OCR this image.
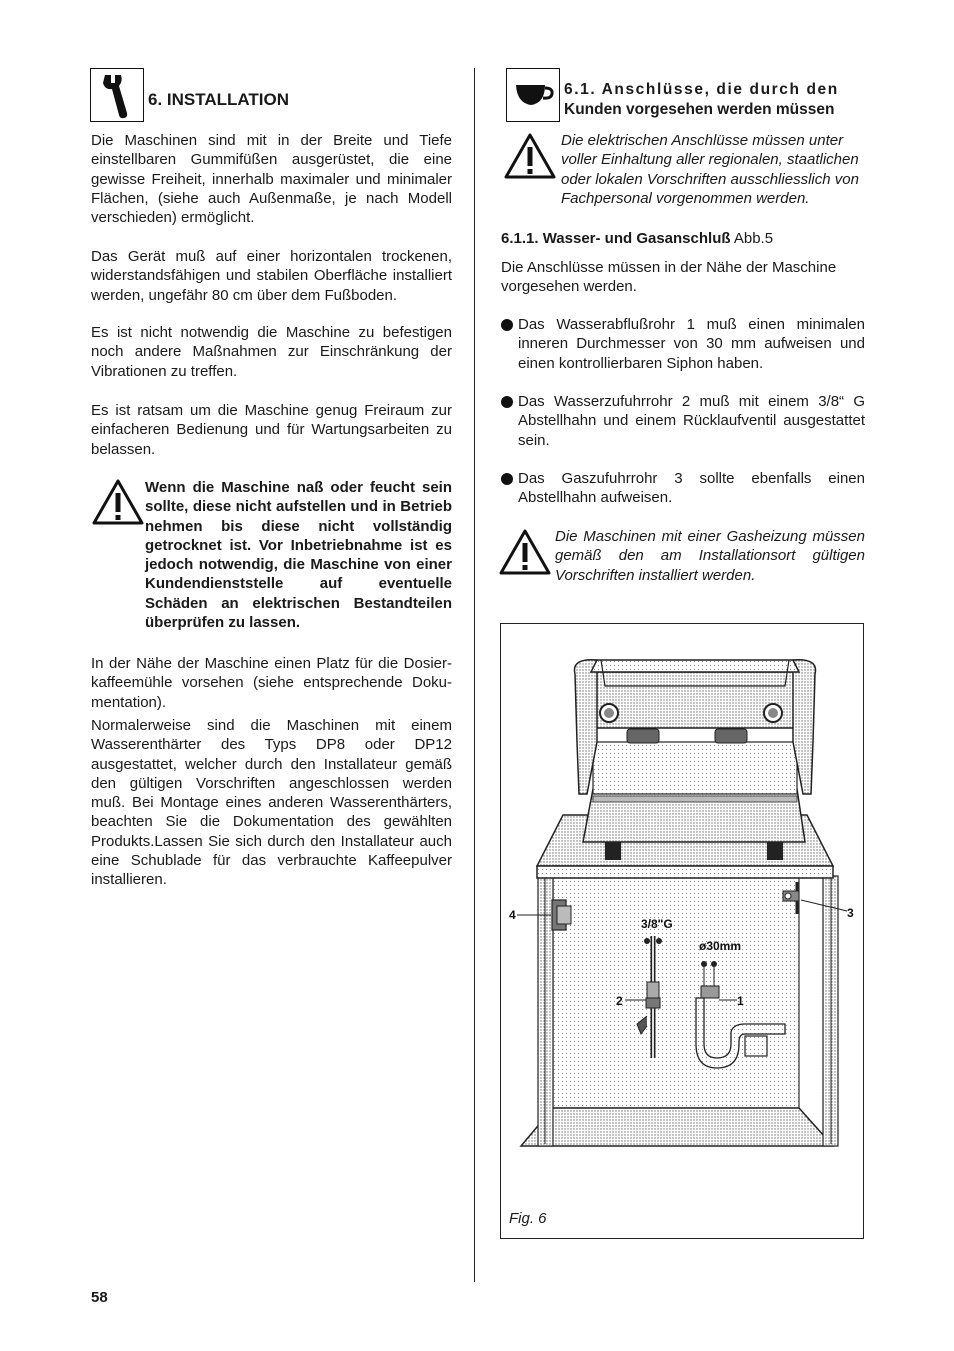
6. INSTALLATION

Die Maschinen sind mit in der Breite und Tiefe einstellbaren Gummifüßen ausgerüstet, die eine gewisse Freiheit, innerhalb maximaler und minimaler Flächen, (siehe auch Außenmaße, je nach Modell verschieden) ermöglicht.

Das Gerät muß auf einer horizontalen trockenen, widerstandsfähigen und stabilen Oberfläche installiert werden, ungefähr 80 cm über dem Fußboden.

Es ist nicht notwendig die Maschine zu befestigen noch andere Maßnahmen zur Einschränkung der Vibrationen zu treffen.

Es ist ratsam um die Maschine genug Freiraum zur einfacheren Bedienung und für Wartungsarbeiten zu belassen.

Wenn die Maschine naß oder feucht sein sollte, diese nicht aufstellen und in Betrieb nehmen bis diese nicht vollständig getrocknet ist. Vor Inbetriebnahme ist es jedoch notwendig, die Maschine von einer Kundendienststelle auf eventuelle Schäden an elektrischen Bestandteilen überprüfen zu lassen.

In der Nähe der Maschine einen Platz für die Dosier-kaffeemühle vorsehen (siehe entsprechende Doku-mentation).

Normalerweise sind die Maschinen mit einem Wasserenthärter des Typs DP8 oder DP12 ausgestattet, welcher durch den Installateur gemäß den gültigen Vorschriften angeschlossen werden muß. Bei Montage eines anderen Wasserenthärters, beachten Sie die Dokumentation des gewählten Produkts.Lassen Sie sich durch den Installateur auch eine Schublade für das verbrauchte Kaffeepulver installieren.

58
6.1. Anschlüsse, die durch den
Kunden vorgesehen werden müssen

Die elektrischen Anschlüsse müssen unter voller Einhaltung aller regionalen, staatlichen oder lokalen Vorschriften ausschliesslich von Fachpersonal vorgenommen werden.

6.1.1. Wasser- und Gasanschluß Abb.5

Die Anschlüsse müssen in der Nähe der Maschine vorgesehen werden.

Das Wasserabflußrohr 1 muß einen minimalen inneren Durchmesser von 30 mm aufweisen und einen kontrollierbaren Siphon haben.
Das Wasserzufuhrrohr 2 muß mit einem 3/8“ G Abstellhahn und einem Rücklaufventil ausgestattet sein.
Das Gaszufuhrrohr 3 sollte ebenfalls einen Abstellhahn aufweisen.

Die Maschinen mit einer Gasheizung müssen gemäß den am Installationsort gültigen Vorschriften installiert werden.

4	3
2	1
3/8"G
ø30mm
Fig. 6
